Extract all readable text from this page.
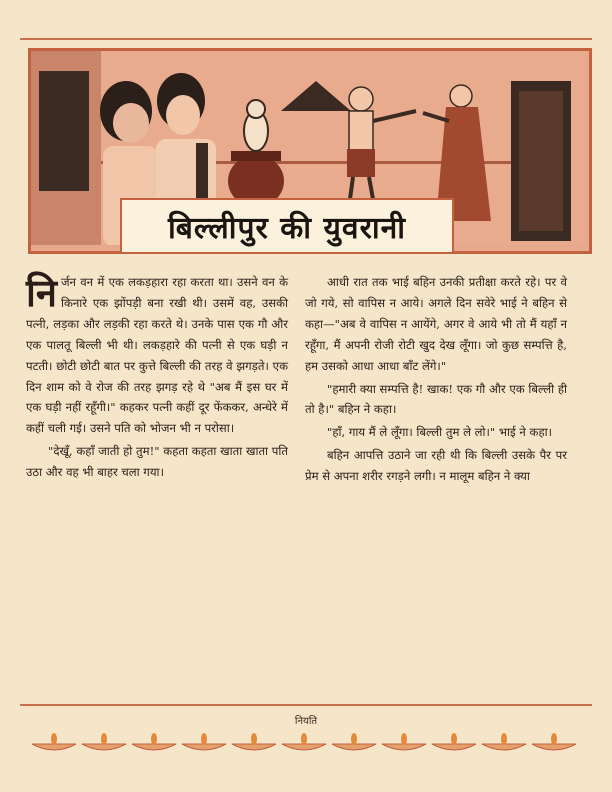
बिल्लीपुर की युवरानी

नि र्जन वन में एक लकड़हारा रहा करता था। उसने वन के किनारे एक झोंपड़ी बना रखी थी। उसमें वह, उसकी पत्नी, लड़का और लड़की रहा करते थे। उनके पास एक गौ और एक पालतू बिल्ली भी थी। लकड़हारे की पत्नी से एक घड़ी न पटती। छोटी छोटी बात पर कुत्ते बिल्ली की तरह वे झगड़ते। एक दिन शाम को वे रोज की तरह झगड़ रहे थे "अब मैं इस घर में एक घड़ी नहीं रहूँगी।" कहकर पत्नी कहीं दूर फेंककर, अन्धेरे में कहीं चली गई। उसने पति को भोजन भी न परोसा।

"देखूँ, कहाँ जाती हो तुम!" कहता कहता खाता खाता पति उठा और वह भी बाहर चला गया।

आधी रात तक भाई बहिन उनकी प्रतीक्षा करते रहे। पर वे जो गये, सो वापिस न आये। अगले दिन सवेरे भाई ने बहिन से कहा—"अब वे वापिस न आयेंगे, अगर वे आये भी तो मैं यहाँ न रहूँगा, मैं अपनी रोजी रोटी खुद देख लूँगा। जो कुछ सम्पत्ति है, हम उसको आधा आधा बाँट लेंगे।"

"हमारी क्या सम्पत्ति है! खाक! एक गौ और एक बिल्ली ही तो है।" बहिन ने कहा।

"हाँ, गाय मैं ले लूँगा। बिल्ली तुम ले लो।" भाई ने कहा।

बहिन आपत्ति उठाने जा रही थी कि बिल्ली उसके पैर पर प्रेम से अपना शरीर रगड़ने लगी। न मालूम बहिन ने क्या

नियति
